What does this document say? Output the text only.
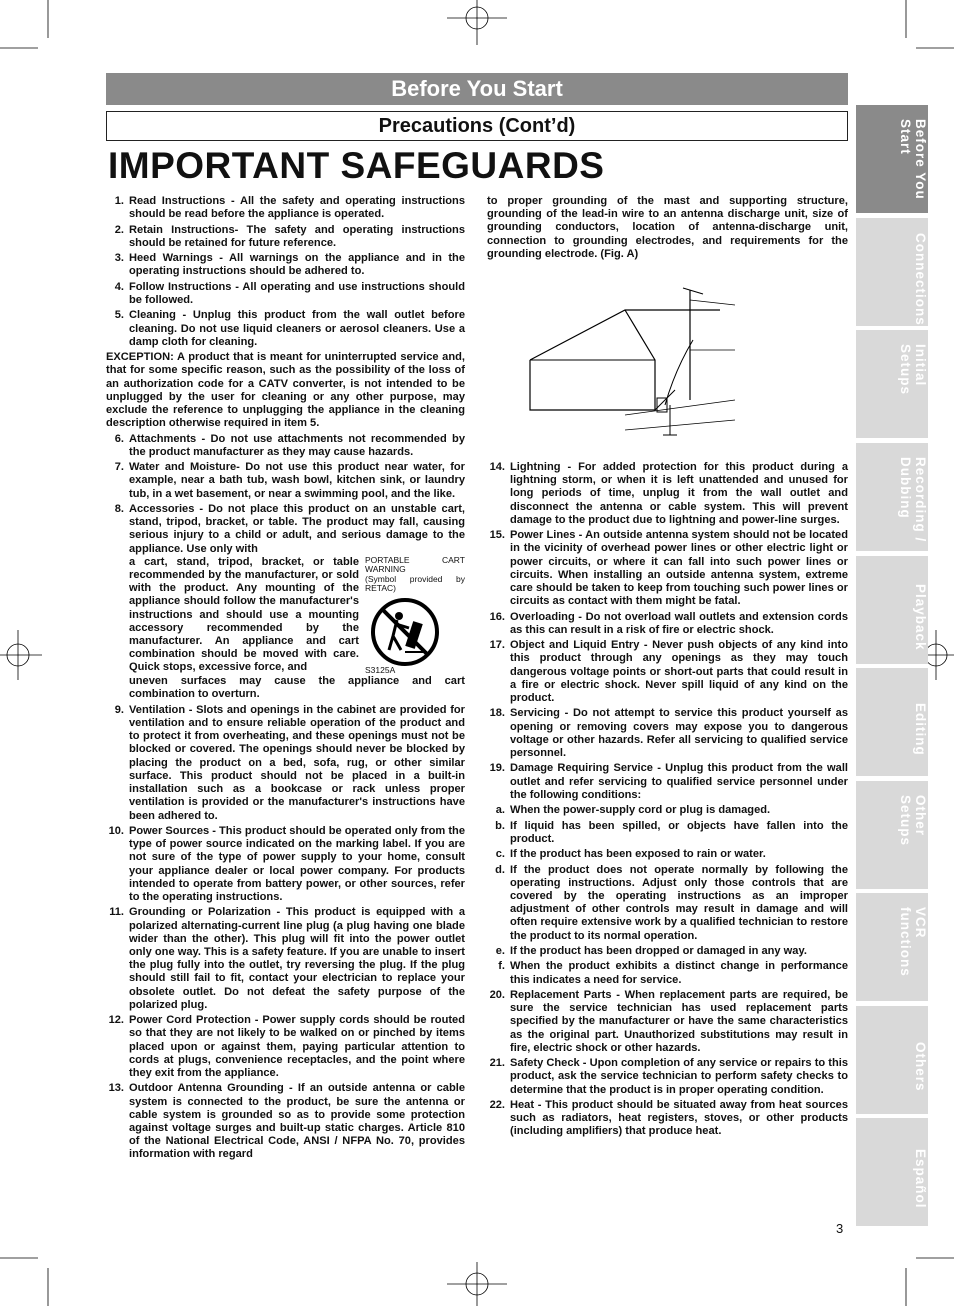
Before You Start
Precautions (Cont’d)
IMPORTANT SAFEGUARDS
1. Read Instructions - All the safety and operating instructions should be read before the appliance is operated.
2. Retain Instructions- The safety and operating instructions should be retained for future reference.
3. Heed Warnings - All warnings on the appliance and in the operating instructions should be adhered to.
4. Follow Instructions - All operating and use instructions should be followed.
5. Cleaning - Unplug this product from the wall outlet before cleaning. Do not use liquid cleaners or aerosol cleaners. Use a damp cloth for cleaning.
EXCEPTION: A product that is meant for uninterrupted service and, that for some specific reason, such as the possibility of the loss of an authorization code for a CATV converter, is not intended to be unplugged by the user for cleaning or any other purpose, may exclude the reference to unplugging the appliance in the cleaning description otherwise required in item 5.
6. Attachments - Do not use attachments not recommended by the product manufacturer as they may cause hazards.
7. Water and Moisture- Do not use this product near water, for example, near a bath tub, wash bowl, kitchen sink, or laundry tub, in a wet basement, or near a swimming pool, and the like.
8. Accessories - Do not place this product on an unstable cart, stand, tripod, bracket, or table. The product may fall, causing serious injury to a child or adult, and serious damage to the appliance. Use only with
a cart, stand, tripod, bracket, or table recommended by the manufacturer, or sold with the product. Any mounting of the appliance should follow the manufacturer's instructions and should use a mounting accessory recommended by the manufacturer. An appliance and cart combination should be moved with care. Quick stops, excessive force, and
PORTABLE CART WARNING
(Symbol provided by RETAC)
S3125A
uneven surfaces may cause the appliance and cart combination to overturn.
9. Ventilation - Slots and openings in the cabinet are provided for ventilation and to ensure reliable operation of the product and to protect it from overheating, and these openings must not be blocked or covered. The openings should never be blocked by placing the product on a bed, sofa, rug, or other similar surface. This product should not be placed in a built-in installation such as a bookcase or rack unless proper ventilation is provided or the manufacturer's instructions have been adhered to.
10. Power Sources - This product should be operated only from the type of power source indicated on the marking label. If you are not sure of the type of power supply to your home, consult your appliance dealer or local power company. For products intended to operate from battery power, or other sources, refer to the operating instructions.
11. Grounding or Polarization - This product is equipped with a polarized alternating-current line plug (a plug having one blade wider than the other). This plug will fit into the power outlet only one way. This is a safety feature. If you are unable to insert the plug fully into the outlet, try reversing the plug. If the plug should still fail to fit, contact your electrician to replace your obsolete outlet. Do not defeat the safety purpose of the polarized plug.
12. Power Cord Protection - Power supply cords should be routed so that they are not likely to be walked on or pinched by items placed upon or against them, paying particular attention to cords at plugs, convenience receptacles, and the point where they exit from the appliance.
13. Outdoor Antenna Grounding - If an outside antenna or cable system is connected to the product, be sure the antenna or cable system is grounded so as to provide some protection against voltage surges and built-up static charges. Article 810 of the National Electrical Code, ANSI / NFPA No. 70, provides information with regard
to proper grounding of the mast and supporting structure, grounding of the lead-in wire to an antenna discharge unit, size of grounding conductors, location of antenna-discharge unit, connection to grounding electrodes, and requirements for the grounding electrode. (Fig. A)
14. Lightning - For added protection for this product during a lightning storm, or when it is left unattended and unused for long periods of time, unplug it from the wall outlet and disconnect the antenna or cable system. This will prevent damage to the product due to lightning and power-line surges.
15. Power Lines - An outside antenna system should not be located in the vicinity of overhead power lines or other electric light or power circuits, or where it can fall into such power lines or circuits. When installing an outside antenna system, extreme care should be taken to keep from touching such power lines or circuits as contact with them might be fatal.
16. Overloading - Do not overload wall outlets and extension cords as this can result in a risk of fire or electric shock.
17. Object and Liquid Entry - Never push objects of any kind into this product through any openings as they may touch dangerous voltage points or short-out parts that could result in a fire or electric shock. Never spill liquid of any kind on the product.
18. Servicing - Do not attempt to service this product yourself as opening or removing covers may expose you to dangerous voltage or other hazards. Refer all servicing to qualified service personnel.
19. Damage Requiring Service - Unplug this product from the wall outlet and refer servicing to qualified service personnel under the following conditions:
a. When the power-supply cord or plug is damaged.
b. If liquid has been spilled, or objects have fallen into the product.
c. If the product has been exposed to rain or water.
d. If the product does not operate normally by following the operating instructions. Adjust only those controls that are covered by the operating instructions as an improper adjustment of other controls may result in damage and will often require extensive work by a qualified technician to restore the product to its normal operation.
e. If the product has been dropped or damaged in any way.
f. When the product exhibits a distinct change in performance this indicates a need for service.
20. Replacement Parts - When replacement parts are required, be sure the service technician has used replacement parts specified by the manufacturer or have the same characteristics as the original part. Unauthorized substitutions may result in fire, electric shock or other hazards.
21. Safety Check - Upon completion of any service or repairs to this product, ask the service technician to perform safety checks to determine that the product is in proper operating condition.
22. Heat - This product should be situated away from heat sources such as radiators, heat registers, stoves, or other products (including amplifiers) that produce heat.
Before You Start
Connections
Initial Setups
Recording / Dubbing
Playback
Editing
Other Setups
VCR functions
Others
Español
3
